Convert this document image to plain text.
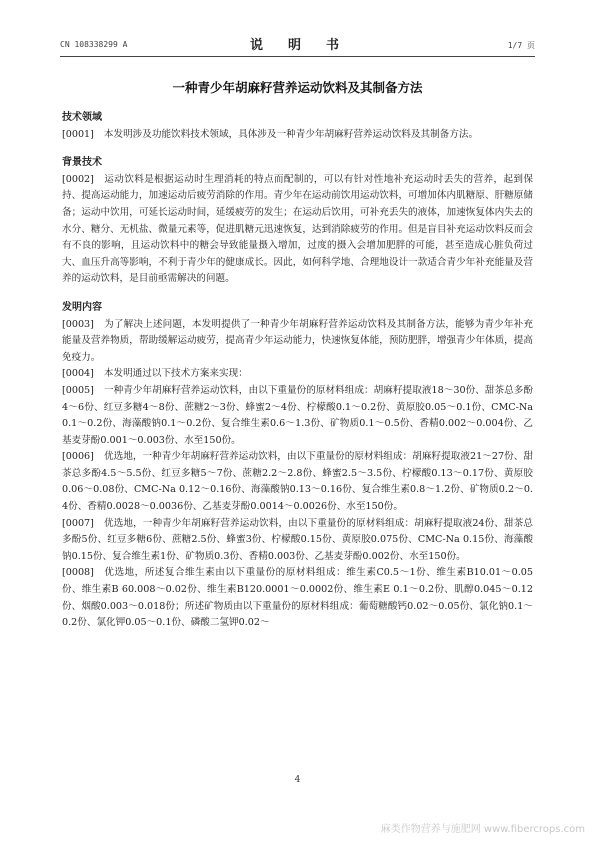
CN 108338299 A	说　明　书	1/7 页
一种青少年胡麻籽营养运动饮料及其制备方法

技术领域

[0001] 本发明涉及功能饮料技术领域，具体涉及一种青少年胡麻籽营养运动饮料及其制备方法。

背景技术

[0002] 运动饮料是根据运动时生理消耗的特点而配制的，可以有针对性地补充运动时丢失的营养，起到保持、提高运动能力，加速运动后疲劳消除的作用。青少年在运动前饮用运动饮料，可增加体内肌糖原、肝糖原储备；运动中饮用，可延长运动时间，延缓疲劳的发生；在运动后饮用，可补充丢失的液体，加速恢复体内失去的水分、糖分、无机盐、微量元素等，促进肌糖元迅速恢复，达到消除疲劳的作用。但是盲目补充运动饮料反而会有不良的影响，且运动饮料中的糖会导致能量摄入增加，过度的摄入会增加肥胖的可能，甚至造成心脏负荷过大、血压升高等影响，不利于青少年的健康成长。因此，如何科学地、合理地设计一款适合青少年补充能量及营养的运动饮料，是目前亟需解决的问题。

发明内容

[0003] 为了解决上述问题，本发明提供了一种青少年胡麻籽营养运动饮料及其制备方法，能够为青少年补充能量及营养物质，帮助缓解运动疲劳，提高青少年运动能力，快速恢复体能，预防肥胖，增强青少年体质，提高免疫力。

[0004] 本发明通过以下技术方案来实现：

[0005] 一种青少年胡麻籽营养运动饮料，由以下重量份的原材料组成：胡麻籽提取液18～30份、甜茶总多酚4～6份、红豆多糖4～8份、蔗糖2～3份、蜂蜜2～4份、柠檬酸0.1～0.2份、黄原胶0.05～0.1份、CMC-Na0.1～0.2份、海藻酸钠0.1～0.2份、复合维生素0.6～1.3份、矿物质0.1～0.5份、香精0.002～0.004份、乙基麦芽酚0.001～0.003份、水至150份。

[0006] 优选地，一种青少年胡麻籽营养运动饮料，由以下重量份的原材料组成：胡麻籽提取液21～27份、甜茶总多酚4.5～5.5份、红豆多糖5～7份、蔗糖2.2～2.8份、蜂蜜2.5～3.5份、柠檬酸0.13～0.17份、黄原胶0.06～0.08份、CMC-Na 0.12～0.16份、海藻酸钠0.13～0.16份、复合维生素0.8～1.2份、矿物质0.2～0.4份、香精0.0028～0.0036份、乙基麦芽酚0.0014～0.0026份、水至150份。

[0007] 优选地，一种青少年胡麻籽营养运动饮料，由以下重量份的原材料组成：胡麻籽提取液24份、甜茶总多酚5份、红豆多糖6份、蔗糖2.5份、蜂蜜3份、柠檬酸0.15份、黄原胶0.075份、CMC-Na 0.15份、海藻酸钠0.15份、复合维生素1份、矿物质0.3份、香精0.003份、乙基麦芽酚0.002份、水至150份。

[0008] 优选地，所述复合维生素由以下重量份的原材料组成：维生素C0.5～1份、维生素B10.01～0.05份、维生素B 60.008～0.02份、维生素B120.0001～0.0002份、维生素E 0.1～0.2份、肌醇0.045～0.12份、烟酸0.003～0.018份；所述矿物质由以下重量份的原材料组成：葡萄糖酸钙0.02～0.05份、氯化钠0.1～0.2份、氯化钾0.05～0.1份、磷酸二氢钾0.02～

4
麻类作物营养与施肥网 www.fibercrops.com
